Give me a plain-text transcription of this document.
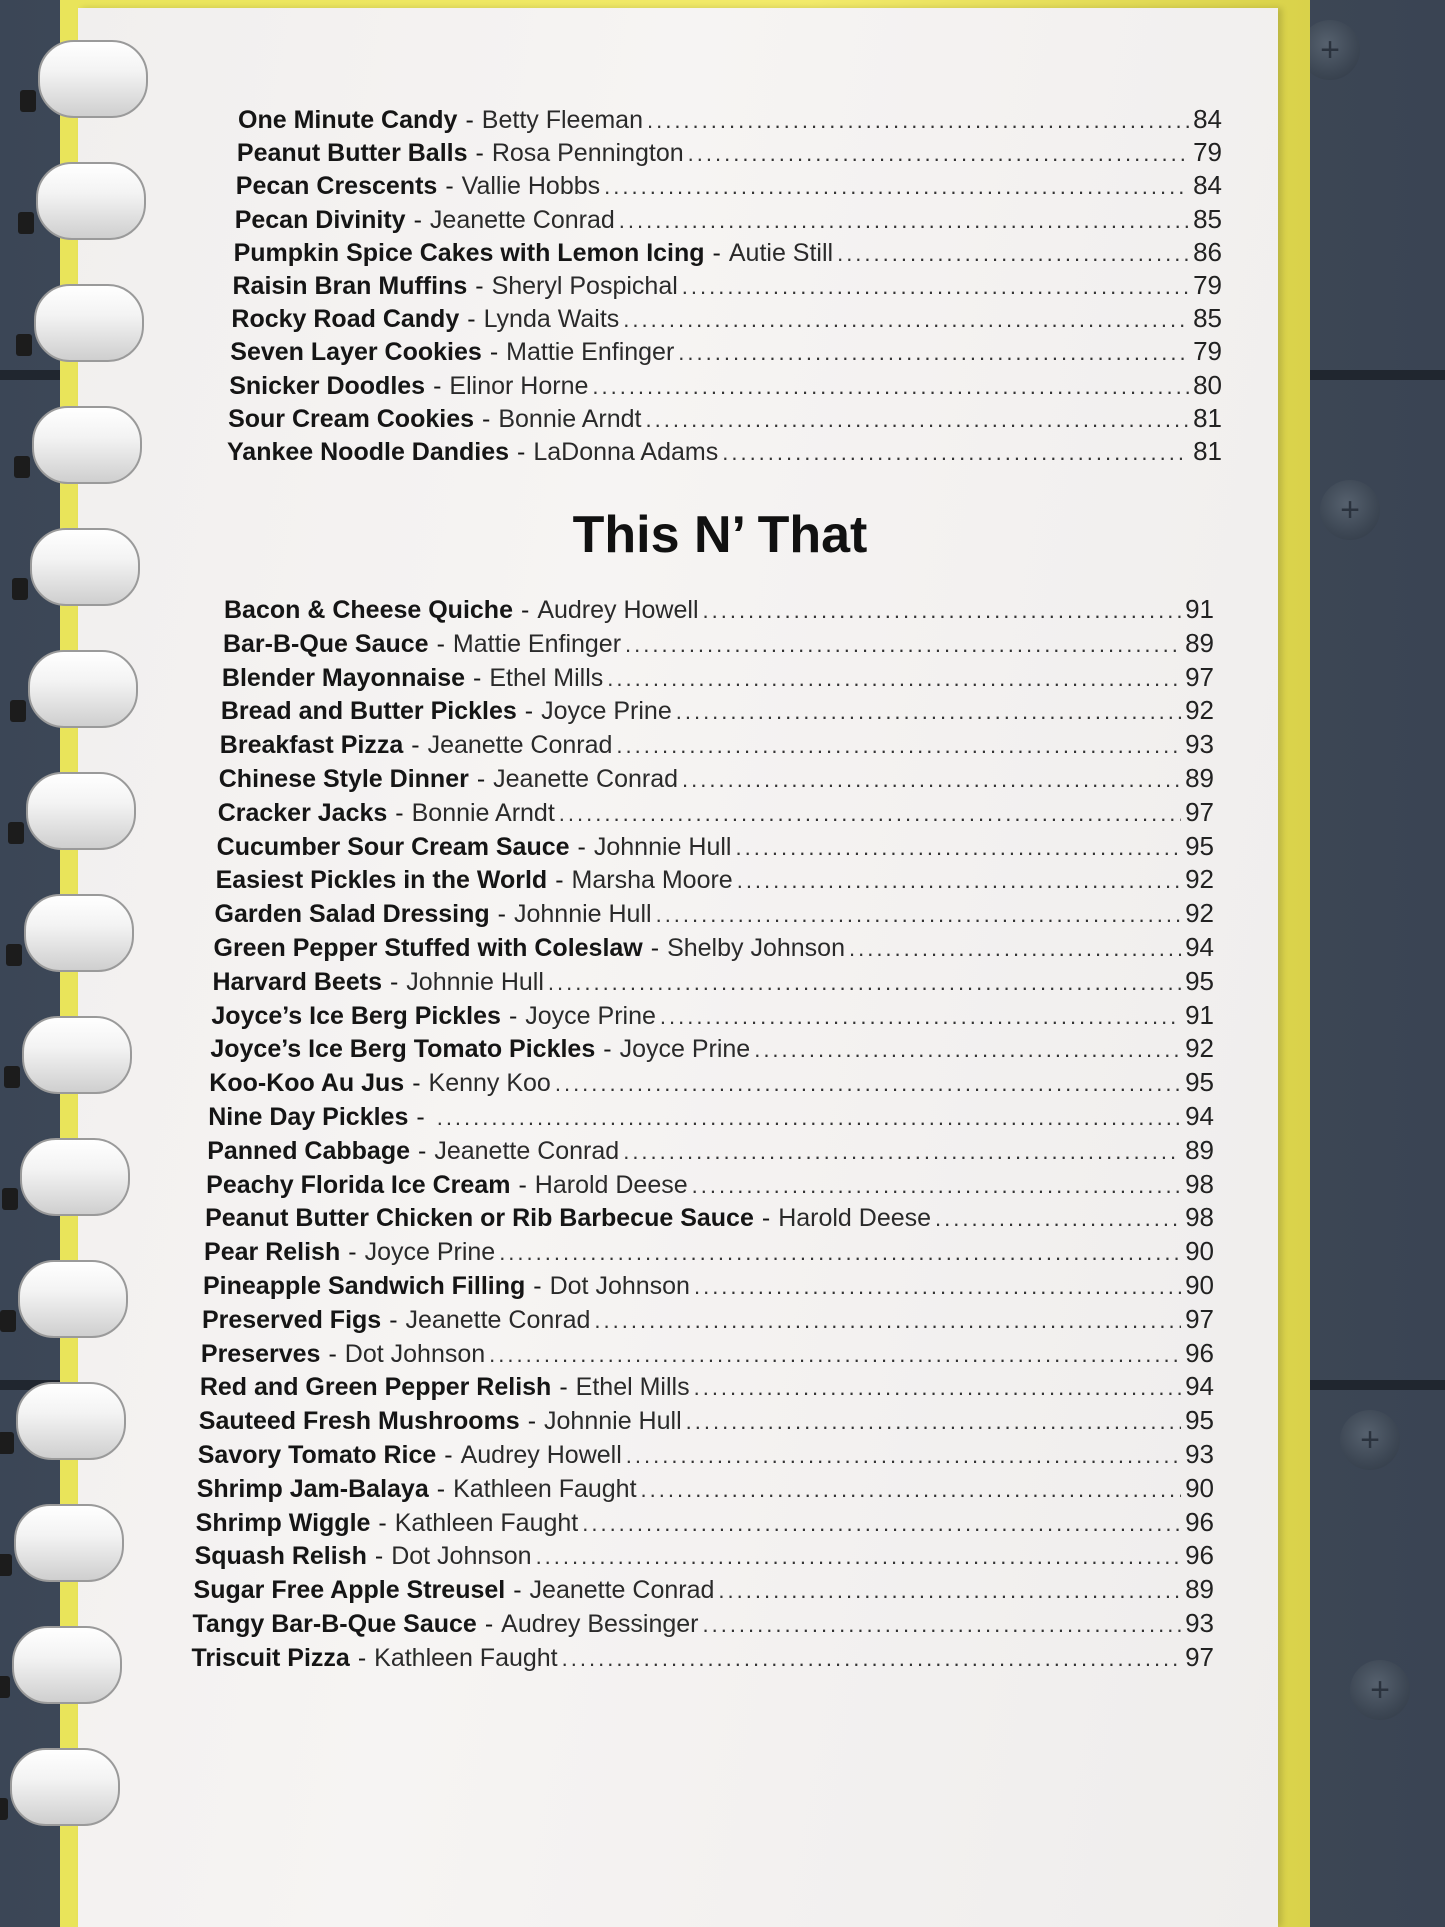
+
+
+
+
This N’ That
One Minute Candy - Betty Fleeman .....	84
Peanut Butter Balls - Rosa Pennington .....	79
Pecan Crescents - Vallie Hobbs .....	84
Pecan Divinity - Jeanette Conrad .....	85
Pumpkin Spice Cakes with Lemon Icing - Autie Still .....	86
Raisin Bran Muffins - Sheryl Pospichal .....	79
Rocky Road Candy - Lynda Waits .....	85
Seven Layer Cookies - Mattie Enfinger .....	79
Snicker Doodles - Elinor Horne .....	80
Sour Cream Cookies - Bonnie Arndt .....	81
Yankee Noodle Dandies - LaDonna Adams .....	81
Bacon & Cheese Quiche - Audrey Howell .....	91
Bar-B-Que Sauce - Mattie Enfinger .....	89
Blender Mayonnaise - Ethel Mills .....	97
Bread and Butter Pickles - Joyce Prine .....	92
Breakfast Pizza - Jeanette Conrad .....	93
Chinese Style Dinner - Jeanette Conrad .....	89
Cracker Jacks - Bonnie Arndt .....	97
Cucumber Sour Cream Sauce - Johnnie Hull .....	95
Easiest Pickles in the World - Marsha Moore .....	92
Garden Salad Dressing - Johnnie Hull .....	92
Green Pepper Stuffed with Coleslaw - Shelby Johnson .....	94
Harvard Beets - Johnnie Hull .....	95
Joyce’s Ice Berg Pickles - Joyce Prine .....	91
Joyce’s Ice Berg Tomato Pickles - Joyce Prine .....	92
Koo-Koo Au Jus - Kenny Koo .....	95
Nine Day Pickles - .....	94
Panned Cabbage - Jeanette Conrad .....	89
Peachy Florida Ice Cream - Harold Deese .....	98
Peanut Butter Chicken or Rib Barbecue Sauce - Harold Deese .....	98
Pear Relish - Joyce Prine .....	90
Pineapple Sandwich Filling - Dot Johnson .....	90
Preserved Figs - Jeanette Conrad .....	97
Preserves - Dot Johnson .....	96
Red and Green Pepper Relish - Ethel Mills .....	94
Sauteed Fresh Mushrooms - Johnnie Hull .....	95
Savory Tomato Rice - Audrey Howell .....	93
Shrimp Jam-Balaya - Kathleen Faught .....	90
Shrimp Wiggle - Kathleen Faught .....	96
Squash Relish - Dot Johnson .....	96
Sugar Free Apple Streusel - Jeanette Conrad .....	89
Tangy Bar-B-Que Sauce - Audrey Bessinger .....	93
Triscuit Pizza - Kathleen Faught .....	97
